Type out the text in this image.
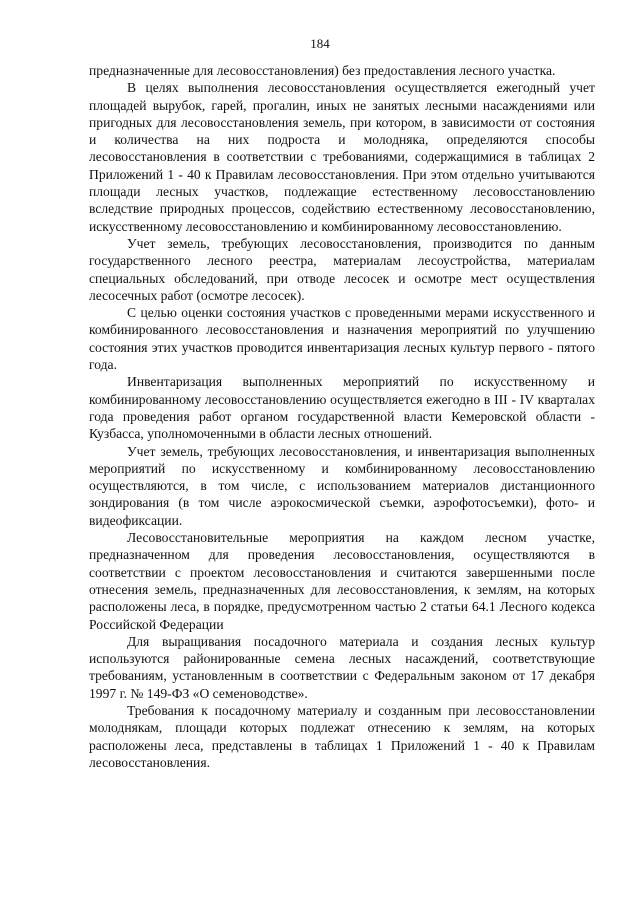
184

предназначенные для лесовосстановления) без предоставления лесного участка.

В целях выполнения лесовосстановления осуществляется ежегодный учет площадей вырубок, гарей, прогалин, иных не занятых лесными насаждениями или пригодных для лесовосстановления земель, при котором, в зависимости от состояния и количества на них подроста и молодняка, определяются способы лесовосстановления в соответствии с требованиями, содержащимися в таблицах 2 Приложений 1 - 40 к Правилам лесовосстановления. При этом отдельно учитываются площади лесных участков, подлежащие естественному лесовосстановлению вследствие природных процессов, содействию естественному лесовосстановлению, искусственному лесовосстановлению и комбинированному лесовосстановлению.

Учет земель, требующих лесовосстановления, производится по данным государственного лесного реестра, материалам лесоустройства, материалам специальных обследований, при отводе лесосек и осмотре мест осуществления лесосечных работ (осмотре лесосек).

С целью оценки состояния участков с проведенными мерами искусственного и комбинированного лесовосстановления и назначения мероприятий по улучшению состояния этих участков проводится инвентаризация лесных культур первого - пятого года.

Инвентаризация выполненных мероприятий по искусственному и комбинированному лесовосстановлению осуществляется ежегодно в III - IV кварталах года проведения работ органом государственной власти Кемеровской области - Кузбасса, уполномоченными в области лесных отношений.

Учет земель, требующих лесовосстановления, и инвентаризация выполненных мероприятий по искусственному и комбинированному лесовосстановлению осуществляются, в том числе, с использованием материалов дистанционного зондирования (в том числе аэрокосмической съемки, аэрофотосъемки), фото- и видеофиксации.

Лесовосстановительные мероприятия на каждом лесном участке, предназначенном для проведения лесовосстановления, осуществляются в соответствии с проектом лесовосстановления и считаются завершенными после отнесения земель, предназначенных для лесовосстановления, к землям, на которых расположены леса, в порядке, предусмотренном частью 2 статьи 64.1 Лесного кодекса Российской Федерации

Для выращивания посадочного материала и создания лесных культур используются районированные семена лесных насаждений, соответствующие требованиям, установленным в соответствии с Федеральным законом от 17 декабря 1997 г. № 149-ФЗ «О семеноводстве».

Требования к посадочному материалу и созданным при лесовосстановлении молоднякам, площади которых подлежат отнесению к землям, на которых расположены леса, представлены в таблицах 1 Приложений 1 - 40 к Правилам лесовосстановления.
